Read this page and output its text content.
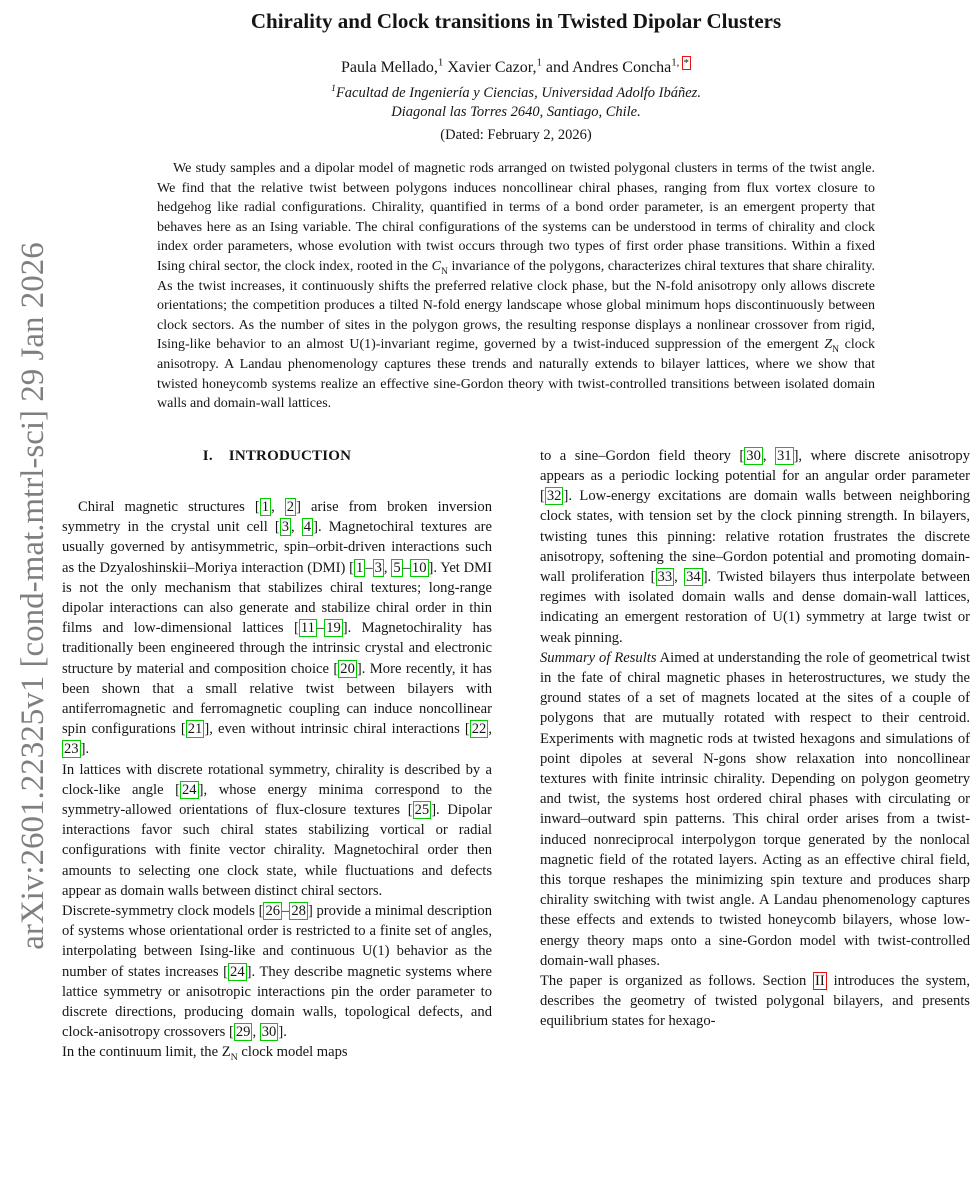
arXiv:2601.22325v1 [cond-mat.mtrl-sci] 29 Jan 2026
Chirality and Clock transitions in Twisted Dipolar Clusters
Paula Mellado,$^1$ Xavier Cazor,$^1$ and Andres Concha$^{1,}$ *
$^1$Facultad de Ingeniería y Ciencias, Universidad Adolfo Ibáñez.
Diagonal las Torres 2640, Santiago, Chile.
(Dated: February 2, 2026)
We study samples and a dipolar model of magnetic rods arranged on twisted polygonal clusters in terms of the twist angle. We find that the relative twist between polygons induces noncollinear chiral phases, ranging from flux vortex closure to hedgehog like radial configurations. Chirality, quantified in terms of a bond order parameter, is an emergent property that behaves here as an Ising variable. The chiral configurations of the systems can be understood in terms of chirality and clock index order parameters, whose evolution with twist occurs through two types of first order phase transitions. Within a fixed Ising chiral sector, the clock index, rooted in the $C_N$ invariance of the polygons, characterizes chiral textures that share chirality. As the twist increases, it continuously shifts the preferred relative clock phase, but the N-fold anisotropy only allows discrete orientations; the competition produces a tilted N-fold energy landscape whose global minimum hops discontinuously between clock sectors. As the number of sites in the polygon grows, the resulting response displays a nonlinear crossover from rigid, Ising-like behavior to an almost U(1)-invariant regime, governed by a twist-induced suppression of the emergent $Z_N$ clock anisotropy. A Landau phenomenology captures these trends and naturally extends to bilayer lattices, where we show that twisted honeycomb systems realize an effective sine-Gordon theory with twist-controlled transitions between isolated domain walls and domain-wall lattices.
I. INTRODUCTION

Chiral magnetic structures [ 1 , 2 ] arise from broken inversion symmetry in the crystal unit cell [ 3 , 4 ]. Magnetochiral textures are usually governed by antisymmetric, spin–orbit-driven interactions such as the Dzyaloshinskii–Moriya interaction (DMI) [ 1 – 3 , 5 – 10 ]. Yet DMI is not the only mechanism that stabilizes chiral textures; long-range dipolar interactions can also generate and stabilize chiral order in thin films and low-dimensional lattices [ 11 – 19 ]. Magnetochirality has traditionally been engineered through the intrinsic crystal and electronic structure by material and composition choice [ 20 ]. More recently, it has been shown that a small relative twist between bilayers with antiferromagnetic and ferromagnetic coupling can induce noncollinear spin configurations [ 21 ], even without intrinsic chiral interactions [ 22 , 23 ].

In lattices with discrete rotational symmetry, chirality is described by a clock-like angle [ 24 ], whose energy minima correspond to the symmetry-allowed orientations of flux-closure textures [ 25 ]. Dipolar interactions favor such chiral states stabilizing vortical or radial configurations with finite vector chirality. Magnetochiral order then amounts to selecting one clock state, while fluctuations and defects appear as domain walls between distinct chiral sectors.

Discrete-symmetry clock models [ 26 – 28 ] provide a minimal description of systems whose orientational order is restricted to a finite set of angles, interpolating between Ising-like and continuous U(1) behavior as the number of states increases [ 24 ]. They describe magnetic systems where lattice symmetry or anisotropic interactions pin the order parameter to discrete directions, producing domain walls, topological defects, and clock-anisotropy crossovers [ 29 , 30 ].

In the continuum limit, the $Z_N$ clock model maps

to a sine–Gordon field theory [ 30 , 31 ], where discrete anisotropy appears as a periodic locking potential for an angular order parameter [ 32 ]. Low-energy excitations are domain walls between neighboring clock states, with tension set by the clock pinning strength. In bilayers, twisting tunes this pinning: relative rotation frustrates the discrete anisotropy, softening the sine–Gordon potential and promoting domain-wall proliferation [ 33 , 34 ]. Twisted bilayers thus interpolate between regimes with isolated domain walls and dense domain-wall lattices, indicating an emergent restoration of U(1) symmetry at large twist or weak pinning.

Summary of Results Aimed at understanding the role of geometrical twist in the fate of chiral magnetic phases in heterostructures, we study the ground states of a set of magnets located at the sites of a couple of polygons that are mutually rotated with respect to their centroid. Experiments with magnetic rods at twisted hexagons and simulations of point dipoles at several N-gons show relaxation into noncollinear textures with finite intrinsic chirality. Depending on polygon geometry and twist, the systems host ordered chiral phases with circulating or inward–outward spin patterns. This chiral order arises from a twist-induced nonreciprocal interpolygon torque generated by the nonlocal magnetic field of the rotated layers. Acting as an effective chiral field, this torque reshapes the minimizing spin texture and produces sharp chirality switching with twist angle. A Landau phenomenology captures these effects and extends to twisted honeycomb bilayers, whose low-energy theory maps onto a sine-Gordon model with twist-controlled domain-wall phases.

The paper is organized as follows. Section II introduces the system, describes the geometry of twisted polygonal bilayers, and presents equilibrium states for hexago-
